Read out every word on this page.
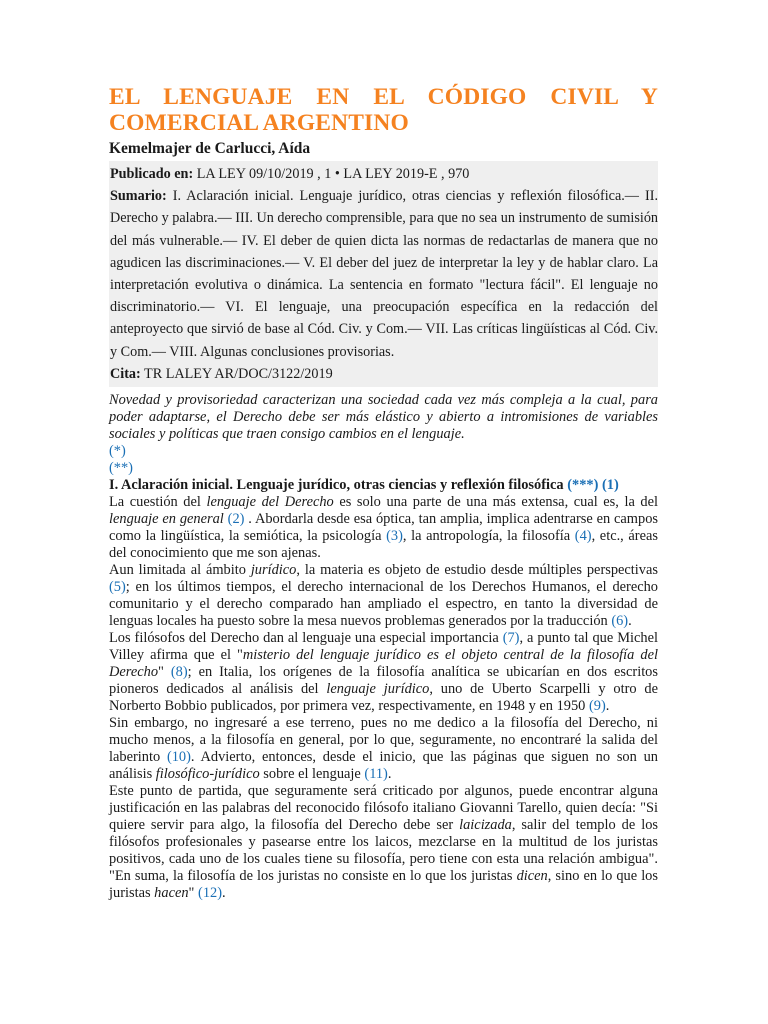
EL LENGUAJE EN EL CÓDIGO CIVIL Y
COMERCIAL ARGENTINO
Kemelmajer de Carlucci, Aída

Publicado en: LA LEY 09/10/2019 , 1 • LA LEY 2019-E , 970

Sumario: I. Aclaración inicial. Lenguaje jurídico, otras ciencias y reflexión filosófica.— II. Derecho y palabra.— III. Un derecho comprensible, para que no sea un instrumento de sumisión del más vulnerable.— IV. El deber de quien dicta las normas de redactarlas de manera que no agudicen las discriminaciones.— V. El deber del juez de interpretar la ley y de hablar claro. La interpretación evolutiva o dinámica. La sentencia en formato "lectura fácil". El lenguaje no discriminatorio.— VI. El lenguaje, una preocupación específica en la redacción del anteproyecto que sirvió de base al Cód. Civ. y Com.— VII. Las críticas lingüísticas al Cód. Civ. y Com.— VIII. Algunas conclusiones provisorias.

Cita: TR LALEY AR/DOC/3122/2019

Novedad y provisoriedad caracterizan una sociedad cada vez más compleja a la cual, para poder adaptarse, el Derecho debe ser más elástico y abierto a intromisiones de variables sociales y políticas que traen consigo cambios en el lenguaje.

(*)

(**)

I. Aclaración inicial. Lenguaje jurídico, otras ciencias y reflexión filosófica (***) (1)

La cuestión del lenguaje del Derecho es solo una parte de una más extensa, cual es, la del lenguaje en general (2) . Abordarla desde esa óptica, tan amplia, implica adentrarse en campos como la lingüística, la semiótica, la psicología (3), la antropología, la filosofía (4), etc., áreas del conocimiento que me son ajenas.

Aun limitada al ámbito jurídico, la materia es objeto de estudio desde múltiples perspectivas (5); en los últimos tiempos, el derecho internacional de los Derechos Humanos, el derecho comunitario y el derecho comparado han ampliado el espectro, en tanto la diversidad de lenguas locales ha puesto sobre la mesa nuevos problemas generados por la traducción (6).

Los filósofos del Derecho dan al lenguaje una especial importancia (7), a punto tal que Michel Villey afirma que el "misterio del lenguaje jurídico es el objeto central de la filosofía del Derecho" (8); en Italia, los orígenes de la filosofía analítica se ubicarían en dos escritos pioneros dedicados al análisis del lenguaje jurídico, uno de Uberto Scarpelli y otro de Norberto Bobbio publicados, por primera vez, respectivamente, en 1948 y en 1950 (9).

Sin embargo, no ingresaré a ese terreno, pues no me dedico a la filosofía del Derecho, ni mucho menos, a la filosofía en general, por lo que, seguramente, no encontraré la salida del laberinto (10). Advierto, entonces, desde el inicio, que las páginas que siguen no son un análisis filosófico-jurídico sobre el lenguaje (11).

Este punto de partida, que seguramente será criticado por algunos, puede encontrar alguna justificación en las palabras del reconocido filósofo italiano Giovanni Tarello, quien decía: "Si quiere servir para algo, la filosofía del Derecho debe ser laicizada, salir del templo de los filósofos profesionales y pasearse entre los laicos, mezclarse en la multitud de los juristas positivos, cada uno de los cuales tiene su filosofía, pero tiene con esta una relación ambigua". "En suma, la filosofía de los juristas no consiste en lo que los juristas dicen, sino en lo que los juristas hacen" (12).
